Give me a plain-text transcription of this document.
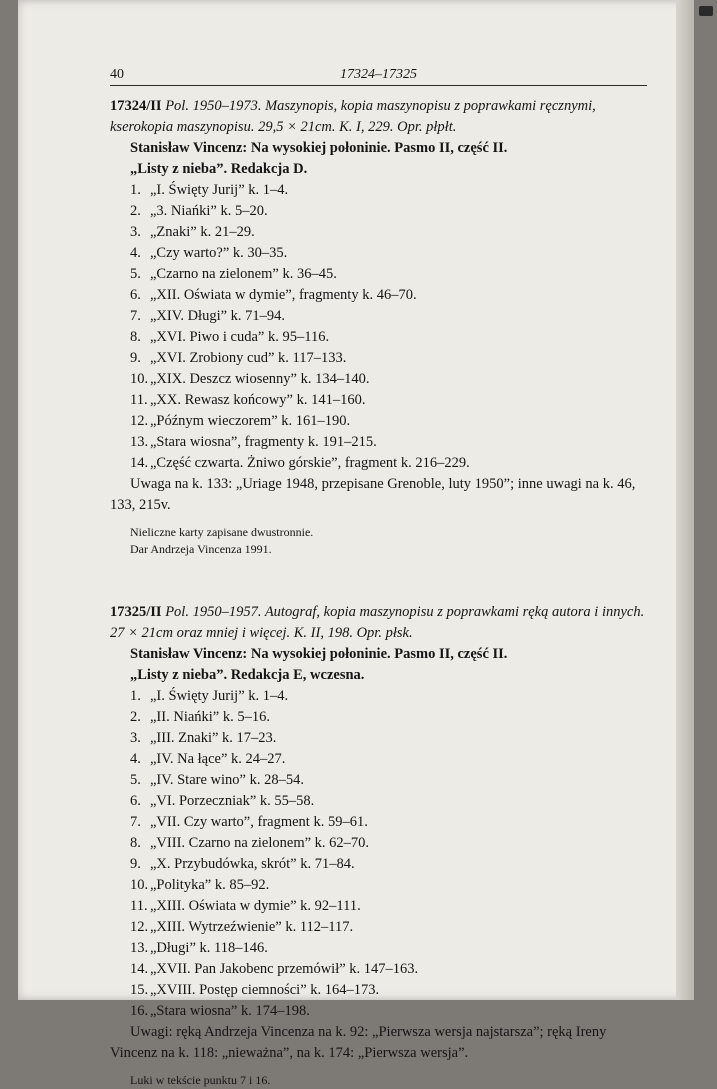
40	17324–17325

17324/II Pol. 1950–1973. Maszynopis, kopia maszynopisu z poprawkami ręcznymi, kserokopia maszynopisu. 29,5 × 21cm. K. I, 229. Opr. płpłt.

Stanisław Vincenz: Na wysokiej połoninie. Pasmo II, część II.

„Listy z nieba”. Redakcja D.

1. „I. Święty Jurij” k. 1–4.
2. „3. Niańki” k. 5–20.
3. „Znaki” k. 21–29.
4. „Czy warto?” k. 30–35.
5. „Czarno na zielonem” k. 36–45.
6. „XII. Oświata w dymie”, fragmenty k. 46–70.
7. „XIV. Długi” k. 71–94.
8. „XVI. Piwo i cuda” k. 95–116.
9. „XVI. Zrobiony cud” k. 117–133.
10. „XIX. Deszcz wiosenny” k. 134–140.
11. „XX. Rewasz końcowy” k. 141–160.
12. „Późnym wieczorem” k. 161–190.
13. „Stara wiosna”, fragmenty k. 191–215.
14. „Część czwarta. Żniwo górskie”, fragment k. 216–229.

Uwaga na k. 133: „Uriage 1948, przepisane Grenoble, luty 1950”; inne uwagi na k. 46, 133, 215v.

Nieliczne karty zapisane dwustronnie.

Dar Andrzeja Vincenza 1991.

17325/II Pol. 1950–1957. Autograf, kopia maszynopisu z poprawkami ręką autora i innych. 27 × 21cm oraz mniej i więcej. K. II, 198. Opr. płsk.

Stanisław Vincenz: Na wysokiej połoninie. Pasmo II, część II.

„Listy z nieba”. Redakcja E, wczesna.

1. „I. Święty Jurij” k. 1–4.
2. „II. Niańki” k. 5–16.
3. „III. Znaki” k. 17–23.
4. „IV. Na łące” k. 24–27.
5. „IV. Stare wino” k. 28–54.
6. „VI. Porzeczniak” k. 55–58.
7. „VII. Czy warto”, fragment k. 59–61.
8. „VIII. Czarno na zielonem” k. 62–70.
9. „X. Przybudówka, skrót” k. 71–84.
10. „Polityka” k. 85–92.
11. „XIII. Oświata w dymie” k. 92–111.
12. „XIII. Wytrzeźwienie” k. 112–117.
13. „Długi” k. 118–146.
14. „XVII. Pan Jakobenc przemówił” k. 147–163.
15. „XVIII. Postęp ciemności” k. 164–173.
16. „Stara wiosna” k. 174–198.

Uwagi: ręką Andrzeja Vincenza na k. 92: „Pierwsza wersja najstarsza”; ręką Ireny Vincenz na k. 118: „nieważna”, na k. 174: „Pierwsza wersja”.

Luki w tekście punktu 7 i 16.
